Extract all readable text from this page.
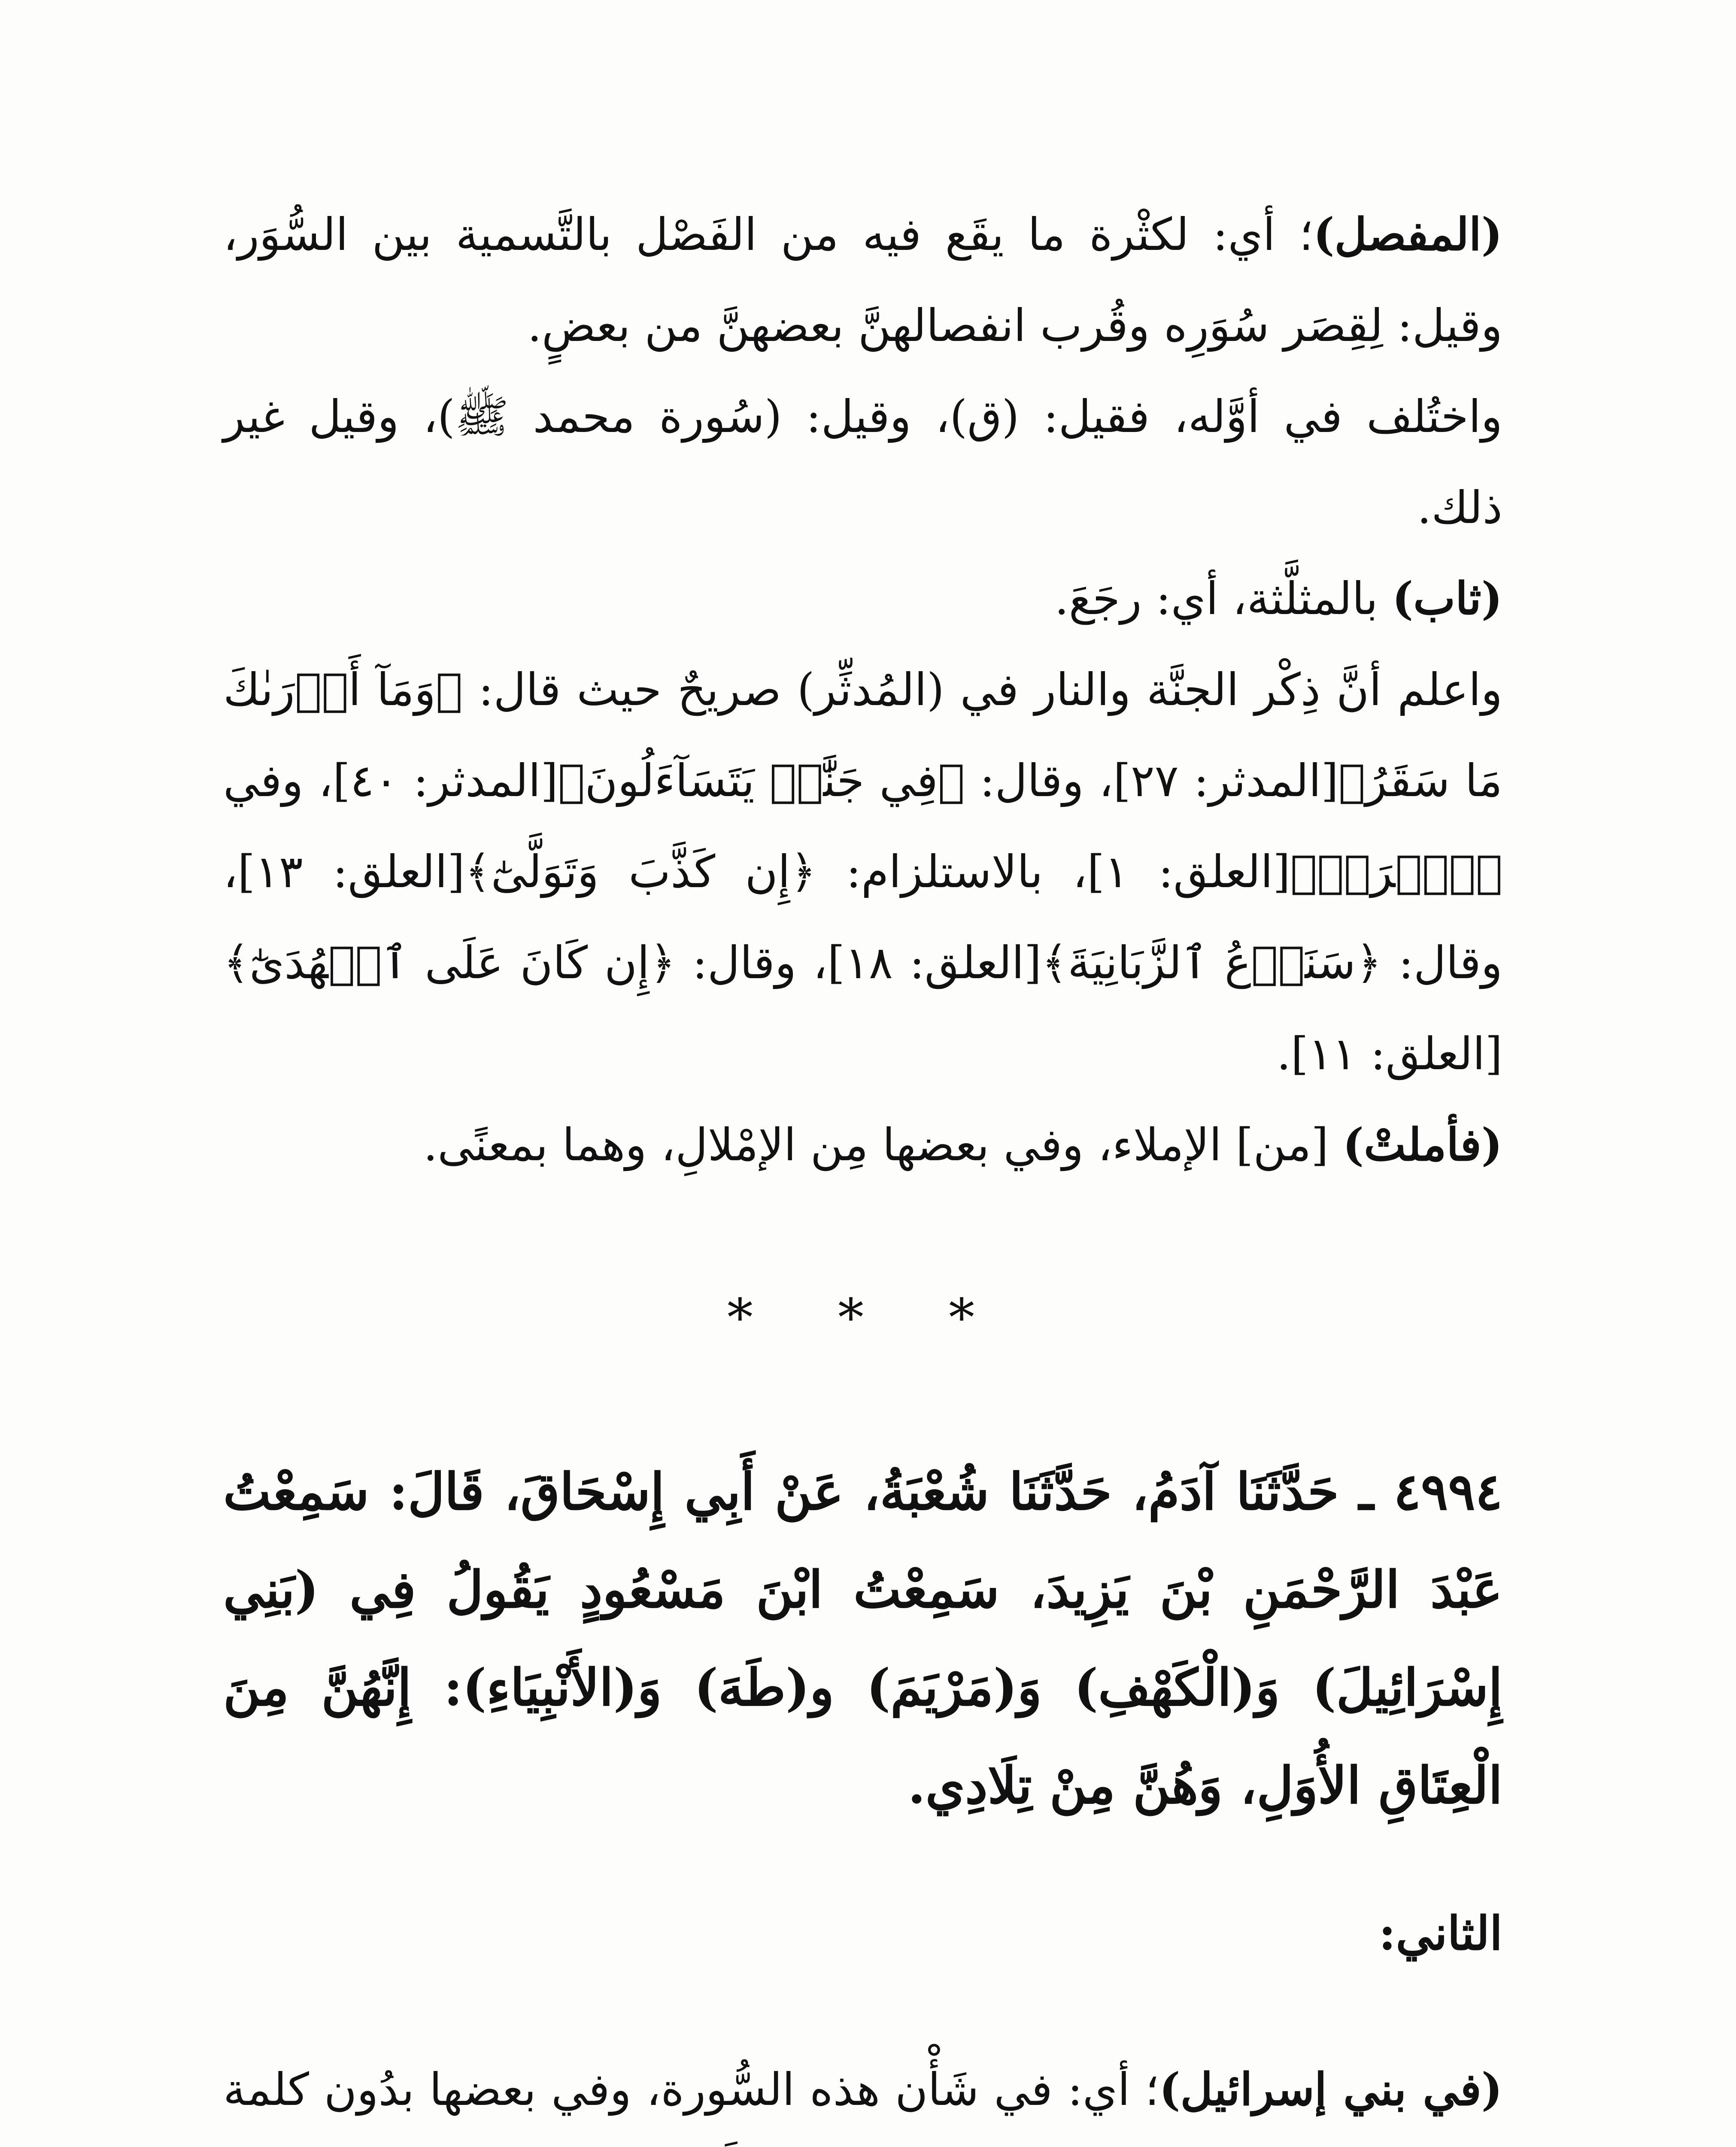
(المفصل)؛ أي: لكثْرة ما يقَع فيه من الفَصْل بالتَّسمية بين السُّوَر، وقيل: لِقِصَر سُوَرِه وقُرب انفصالهنَّ بعضهنَّ من بعضٍ.

واختُلف في أوَّله، فقيل: (ق)، وقيل: (سُورة محمد ﷺ)، وقيل غير ذلك.

(ثاب) بالمثلَّثة، أي: رجَعَ.

واعلم أنَّ ذِكْر الجنَّة والنار في (المُدثِّر) صريحٌ حيث قال: ﴿وَمَآ أَدۡرَىٰكَ مَا سَقَرُ﴾[المدثر: ٢٧]، وقال: ﴿فِي جَنَّٰتٖ يَتَسَآءَلُونَ﴾[المدثر: ٤٠]، وفي ﴿ٱقۡرَأۡ﴾[العلق: ١]، بالاستلزام: ﴿إِن كَذَّبَ وَتَوَلَّىٰٓ﴾[العلق: ١٣]، وقال: ﴿سَنَدۡعُ ٱلزَّبَانِيَةَ﴾[العلق: ١٨]، وقال: ﴿إِن كَانَ عَلَى ٱلۡهُدَىٰٓ﴾[العلق: ١١].

(فأملتْ) [من] الإملاء، وفي بعضها مِن الإمْلالِ، وهما بمعنًى.

* * *

٤٩٩٤ ـ حَدَّثَنَا آدَمُ، حَدَّثَنَا شُعْبَةُ، عَنْ أَبِي إِسْحَاقَ، قَالَ: سَمِعْتُ عَبْدَ الرَّحْمَنِ بْنَ يَزِيدَ، سَمِعْتُ ابْنَ مَسْعُودٍ يَقُولُ فِي (بَنِي إِسْرَائِيلَ) وَ(الْكَهْفِ) وَ(مَرْيَمَ) و(طَهَ) وَ(الأَنْبِيَاءِ): إِنَّهُنَّ مِنَ الْعِتَاقِ الأُوَلِ، وَهُنَّ مِنْ تِلَادِي.

الثاني:

(في بني إسرائيل)؛ أي: في شَأْن هذه السُّورة، وفي بعضها بدُون كلمة
